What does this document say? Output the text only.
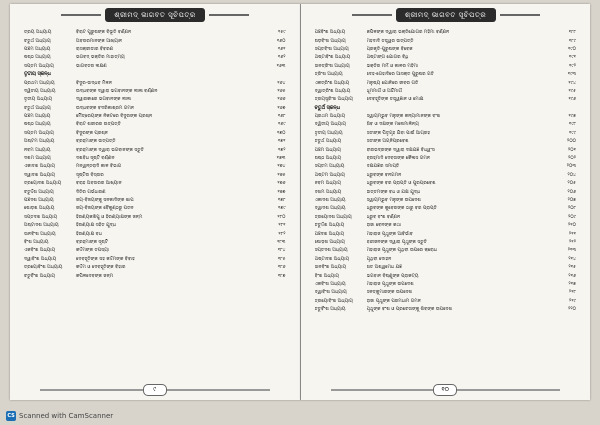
ଶ୍ରୀମଦ୍ ଭାଗବତ ସୂଚିପତ୍ର
ତ୍ରୟ ଅଧ୍ୟାୟ	ବିରାଟ ପୁରୁଷଙ୍କ ବିଭୂତି ବର୍ଣ୍ଣନ	୧୫୯
ଚତୁର୍ଥ ଅଧ୍ୟାୟ	ଅବତାରମାନଙ୍କ ଆଖ୍ୟାନ	୧୬୦
ପଞ୍ଚମ ଅଧ୍ୟାୟ	ରାସକ୍ରୀଡାର ବିବରଣ	୧୬୧
ଷଷ୍ଠ ଅଧ୍ୟାୟ	ଭଗବଦ୍ ଭକ୍ତିର ମାହାତ୍ମ୍ୟ	୧୬୨
ସପ୍ତମ ଅଧ୍ୟାୟ	ଭାଗବତର ଲକ୍ଷଣ	୧୬୩
ତୃତୀୟ ସ୍କନ୍ଧ
ପ୍ରଥମ ଅଧ୍ୟାୟ	ବିଦୁର-ଉଦ୍ଧବ ମିଳନ	୧୬୪
ଦ୍ୱିତୀୟ ଅଧ୍ୟାୟ	ଉଦ୍ଧବଙ୍କ ଦ୍ୱାରା ଭଗବାନଙ୍କ ଲୀଳା ବର୍ଣ୍ଣନ	୧୬୫
ତୃତୀୟ ଅଧ୍ୟାୟ	ଦ୍ୱାରକାରେ ଭଗବାନଙ୍କ ଲୀଳା	୧୬୬
ଚତୁର୍ଥ ଅଧ୍ୟାୟ	ଉଦ୍ଧବଙ୍କ ବଦରିକାଶ୍ରମ ଗମନ	୧୬୭
ପଞ୍ଚମ ଅଧ୍ୟାୟ	ମୈତ୍ରେୟଙ୍କ ନିକଟରେ ବିଦୁରଙ୍କ ପ୍ରଶ୍ନ	୧୬୮
ଷଷ୍ଠ ଅଧ୍ୟାୟ	ବିରାଟ ଶରୀରର ଉତ୍ପତ୍ତି	୧୬୯
ସପ୍ତମ ଅଧ୍ୟାୟ	ବିଦୁରଙ୍କ ପ୍ରଶ୍ନ	୧୭୦
ଅଷ୍ଟମ ଅଧ୍ୟାୟ	ବ୍ରହ୍ମାଙ୍କ ଉତ୍ପତ୍ତି	୧୭୧
ନବମ ଅଧ୍ୟାୟ	ବ୍ରହ୍ମାଙ୍କ ଦ୍ୱାରା ଭଗବାନଙ୍କ ସ୍ତୁତି	୧୭୨
ଦଶମ ଅଧ୍ୟାୟ	ଦଶବିଧ ସୃଷ୍ଟି ବର୍ଣ୍ଣନ	୧୭୩
ଏକାଦଶ ଅଧ୍ୟାୟ	ମନ୍ୱନ୍ତରାଦି କାଳ ବିଭାଗ	୧୭୪
ଦ୍ୱାଦଶ ଅଧ୍ୟାୟ	ସୃଷ୍ଟିର ବିସ୍ତାର	୧୭୫
ତ୍ରୟୋଦଶ ଅଧ୍ୟାୟ	ବରାହ ଅବତାରର ଆଖ୍ୟାନ	୧୭୬
ଚତୁର୍ଦ୍ଦଶ ଅଧ୍ୟାୟ	ଦିତିର ଗର୍ଭଧାରଣ	୧୭୭
ପଞ୍ଚଦଶ ଅଧ୍ୟାୟ	ଜୟ-ବିଜୟଙ୍କୁ ସନକାଦିଙ୍କ ଶାପ	୧୭୮
ଷୋଡ଼ଶ ଅଧ୍ୟାୟ	ଜୟ-ବିଜୟଙ୍କ ବୈକୁଣ୍ଠରୁ ପତନ	୧୭୯
ସପ୍ତଦଶ ଅଧ୍ୟାୟ	ହିରଣ୍ୟକଶିପୁ ଓ ହିରଣ୍ୟାକ୍ଷଙ୍କ ଜନ୍ମ	୧୮୦
ଅଷ୍ଟାଦଶ ଅଧ୍ୟାୟ	ହିରଣ୍ୟାକ୍ଷ ସହିତ ଯୁଦ୍ଧ	୧୮୧
ଊନବିଂଶ ଅଧ୍ୟାୟ	ହିରଣ୍ୟାକ୍ଷ ବଧ	୧୮୨
ବିଂଶ ଅଧ୍ୟାୟ	ବ୍ରହ୍ମାଙ୍କ ସୃଷ୍ଟି	୧୮୩
ଏକବିଂଶ ଅଧ୍ୟାୟ	କର୍ଦ୍ଦମଙ୍କ ତପସ୍ୟା	୧୮୪
ଦ୍ୱାବିଂଶ ଅଧ୍ୟାୟ	ଦେବହୂତିଙ୍କ ସହ କର୍ଦ୍ଦମଙ୍କ ବିବାହ	୧୮୫
ତ୍ରୟୋବିଂଶ ଅଧ୍ୟାୟ	କର୍ଦ୍ଦମ ଓ ଦେବହୂତିଙ୍କ ବିହାର	୧୮୬
ଚତୁର୍ବିଂଶ ଅଧ୍ୟାୟ	କପିଳଦେବଙ୍କ ଜନ୍ମ	୧୮୭
୯
ଶ୍ରୀମଦ୍ ଭାଗବତ ସୂଚିପତ୍ର
ପଞ୍ଚବିଂଶ ଅଧ୍ୟାୟ	କପିଳଙ୍କ ଦ୍ୱାରା ଭକ୍ତିଯୋଗର ମହିମା ବର୍ଣ୍ଣନ	୧୮୮
ଷଡ଼ବିଂଶ ଅଧ୍ୟାୟ	ମହଦାଦି ତତ୍ତ୍ୱର ଉତ୍ପତ୍ତି	୧୮୯
ସପ୍ତବିଂଶ ଅଧ୍ୟାୟ	ପ୍ରକୃତି-ପୁରୁଷଙ୍କ ବିବେକ	୧୯୦
ଅଷ୍ଟାବିଂଶ ଅଧ୍ୟାୟ	ଅଷ୍ଟାଙ୍ଗ ଯୋଗର ବିଧି	୧୯୧
ଊନତ୍ରିଂଶ ଅଧ୍ୟାୟ	ଭକ୍ତିର ମର୍ମ ଓ କାଳର ମହିମା	୧୯୨
ତ୍ରିଂଶ ଅଧ୍ୟାୟ	ଦେହ-ଗେହାଦିରେ ଆସକ୍ତ ପୁରୁଷର ଗତି	୧୯୩
ଏକତ୍ରିଂଶ ଅଧ୍ୟାୟ	ମନୁଷ୍ୟ ଯୋନିରେ ଜୀବର ଗତି	୧୯୪
ଦ୍ୱାତ୍ରିଂଶ ଅଧ୍ୟାୟ	ଧୂମମାର୍ଗ ଓ ଅର୍ଚ୍ଚିମାର୍ଗ	୧୯୫
ତ୍ରୟସ୍ତ୍ରିଂଶ ଅଧ୍ୟାୟ	ଦେବହୂତିଙ୍କ ତତ୍ତ୍ୱଜ୍ଞାନ ଓ ମୋକ୍ଷ	୧୯୬
ଚତୁର୍ଥ ସ୍କନ୍ଧ
ପ୍ରଥମ ଅଧ୍ୟାୟ	ସ୍ୱାୟମ୍ଭୁବ ମନୁଙ୍କ କନ୍ୟାମାନଙ୍କ ବଂଶ	୧୯୭
ଦ୍ୱିତୀୟ ଅଧ୍ୟାୟ	ଶିବ ଓ ଦକ୍ଷଙ୍କ ମନୋମାଳିନ୍ୟ	୧୯୮
ତୃତୀୟ ଅଧ୍ୟାୟ	ସତୀଙ୍କ ପିତୃଗୃହ ଯିବା ପାଇଁ ଆଗ୍ରହ	୧୯୯
ଚତୁର୍ଥ ଅଧ୍ୟାୟ	ସତୀଙ୍କ ଅଗ୍ନିପ୍ରବେଶ	୨୦୦
ପଞ୍ଚମ ଅଧ୍ୟାୟ	ବୀରଭଦ୍ରଙ୍କ ଦ୍ୱାରା ଦକ୍ଷଯଜ୍ଞ ବିଧ୍ୱଂସ	୨୦୧
ଷଷ୍ଠ ଅଧ୍ୟାୟ	ବ୍ରହ୍ମାଦି ଦେବତାଙ୍କ କୈଳାସ ଗମନ	୨୦୨
ସପ୍ତମ ଅଧ୍ୟାୟ	ଦକ୍ଷଯଜ୍ଞର ସମାପ୍ତି	୨୦୩
ଅଷ୍ଟମ ଅଧ୍ୟାୟ	ଧ୍ରୁବଙ୍କ ବନଗମନ	୨୦୪
ନବମ ଅଧ୍ୟାୟ	ଧ୍ରୁବଙ୍କ ବର ପ୍ରାପ୍ତି ଓ ପୁରପ୍ରବେଶ	୨୦୫
ଦଶମ ଅଧ୍ୟାୟ	ଉତ୍ତମଙ୍କ ବଧ ଓ ଯକ୍ଷ ଯୁଦ୍ଧ	୨୦୬
ଏକାଦଶ ଅଧ୍ୟାୟ	ସ୍ୱାୟମ୍ଭୁବ ମନୁଙ୍କ ଉପଦେଶ	୨୦୭
ଦ୍ୱାଦଶ ଅଧ୍ୟାୟ	ଧ୍ରୁବଙ୍କ କୁବେରଙ୍କ ଠାରୁ ବର ପ୍ରାପ୍ତି	୨୦୮
ତ୍ରୟୋଦଶ ଅଧ୍ୟାୟ	ଧ୍ରୁବ ବଂଶ ବର୍ଣ୍ଣନ	୨୦୯
ଚତୁର୍ଦ୍ଦଶ ଅଧ୍ୟାୟ	ରାଜା ବେନଙ୍କ କଥା	୨୧୦
ପଞ୍ଚଦଶ ଅଧ୍ୟାୟ	ମହାରାଜ ପୃଥୁଙ୍କ ଆବିର୍ଭାବ	୨୧୧
ଷୋଡ଼ଶ ଅଧ୍ୟାୟ	ବନ୍ଦୀଜନଙ୍କ ଦ୍ୱାରା ପୃଥୁଙ୍କ ସ୍ତୁତି	୨୧୨
ସପ୍ତଦଶ ଅଧ୍ୟାୟ	ମହାରାଜ ପୃଥୁଙ୍କ ପୃଥିବୀ ଉପରେ କ୍ରୋଧ	୨୧୩
ଅଷ୍ଟାଦଶ ଅଧ୍ୟାୟ	ପୃଥିବୀ ଦୋହନ	୨୧୪
ଊନବିଂଶ ଅଧ୍ୟାୟ	ଶତ ଅଶ୍ୱମେଧ ଯଜ୍ଞ	୨୧୫
ବିଂଶ ଅଧ୍ୟାୟ	ଭଗବାନ ବିଷ୍ଣୁଙ୍କ ପ୍ରାକଟ୍ୟ	୨୧୬
ଏକବିଂଶ ଅଧ୍ୟାୟ	ମହାରାଜ ପୃଥୁଙ୍କ ଉପଦେଶ	୨୧୭
ଦ୍ୱାବିଂଶ ଅଧ୍ୟାୟ	ସନତ୍କୁମାରଙ୍କ ଉପଦେଶ	୨୧୮
ତ୍ରୟୋବିଂଶ ଅଧ୍ୟାୟ	ରାଜା ପୃଥୁଙ୍କ ପରମଧାମ ଗମନ	୨୧୯
ଚତୁର୍ବିଂଶ ଅଧ୍ୟାୟ	ପୃଥୁଙ୍କ ବଂଶ ଓ ପ୍ରଚେତାଙ୍କୁ ଶିବଙ୍କ ଉପଦେଶ	୨୨୦
୧୦
CS Scanned with CamScanner
